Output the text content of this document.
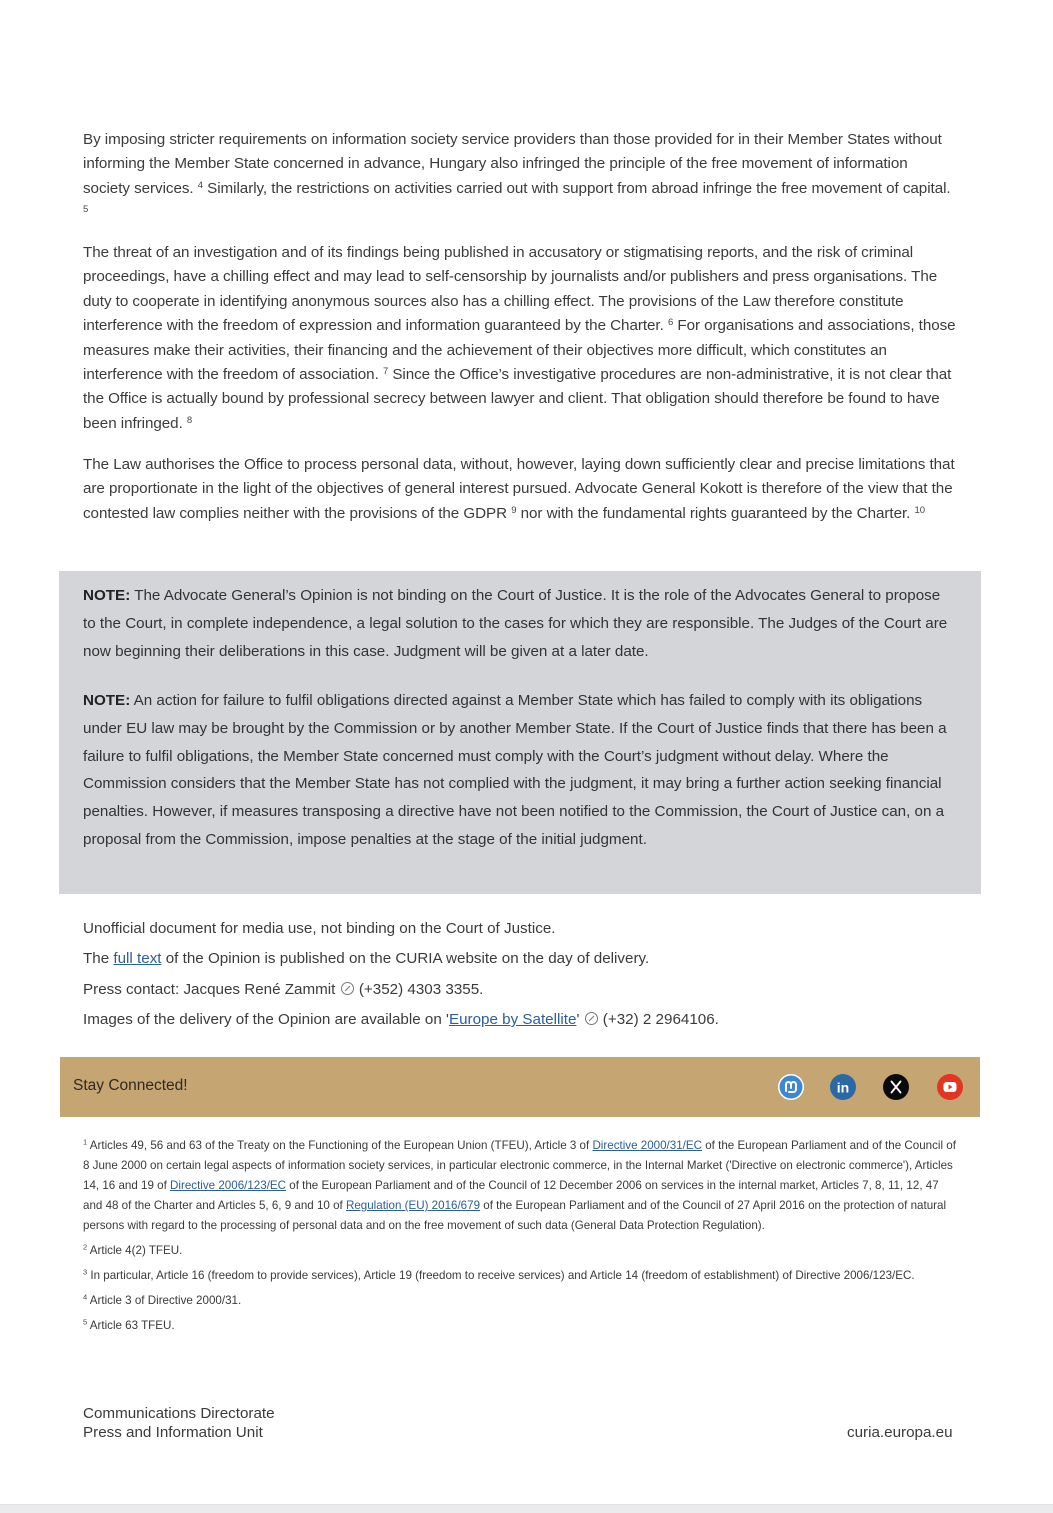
By imposing stricter requirements on information society service providers than those provided for in their Member States without informing the Member State concerned in advance, Hungary also infringed the principle of the free movement of information society services. $^4$ Similarly, the restrictions on activities carried out with support from abroad infringe the free movement of capital. $^5$

The threat of an investigation and of its findings being published in accusatory or stigmatising reports, and the risk of criminal proceedings, have a chilling effect and may lead to self-censorship by journalists and/or publishers and press organisations. The duty to cooperate in identifying anonymous sources also has a chilling effect. The provisions of the Law therefore constitute interference with the freedom of expression and information guaranteed by the Charter. $^6$ For organisations and associations, those measures make their activities, their financing and the achievement of their objectives more difficult, which constitutes an interference with the freedom of association. $^7$ Since the Office’s investigative procedures are non-administrative, it is not clear that the Office is actually bound by professional secrecy between lawyer and client. That obligation should therefore be found to have been infringed. $^8$

The Law authorises the Office to process personal data, without, however, laying down sufficiently clear and precise limitations that are proportionate in the light of the objectives of general interest pursued. Advocate General Kokott is therefore of the view that the contested law complies neither with the provisions of the GDPR $^9$ nor with the fundamental rights guaranteed by the Charter. $^{10}$

NOTE: The Advocate General’s Opinion is not binding on the Court of Justice. It is the role of the Advocates General to propose to the Court, in complete independence, a legal solution to the cases for which they are responsible. The Judges of the Court are now beginning their deliberations in this case. Judgment will be given at a later date.

NOTE: An action for failure to fulfil obligations directed against a Member State which has failed to comply with its obligations under EU law may be brought by the Commission or by another Member State. If the Court of Justice finds that there has been a failure to fulfil obligations, the Member State concerned must comply with the Court’s judgment without delay. Where the Commission considers that the Member State has not complied with the judgment, it may bring a further action seeking financial penalties. However, if measures transposing a directive have not been notified to the Commission, the Court of Justice can, on a proposal from the Commission, impose penalties at the stage of the initial judgment.

Unofficial document for media use, not binding on the Court of Justice.
The full text of the Opinion is published on the CURIA website on the day of delivery.
Press contact: Jacques René Zammit  (+352) 4303 3355.
Images of the delivery of the Opinion are available on 'Europe by Satellite'  (+32) 2 2964106.
Stay Connected!	in

$^1$ Articles 49, 56 and 63 of the Treaty on the Functioning of the European Union (TFEU), Article 3 of Directive 2000/31/EC of the European Parliament and of the Council of 8 June 2000 on certain legal aspects of information society services, in particular electronic commerce, in the Internal Market ('Directive on electronic commerce'), Articles 14, 16 and 19 of Directive 2006/123/EC of the European Parliament and of the Council of 12 December 2006 on services in the internal market, Articles 7, 8, 11, 12, 47 and 48 of the Charter and Articles 5, 6, 9 and 10 of Regulation (EU) 2016/679 of the European Parliament and of the Council of 27 April 2016 on the protection of natural persons with regard to the processing of personal data and on the free movement of such data (General Data Protection Regulation).

$^2$ Article 4(2) TFEU.

$^3$ In particular, Article 16 (freedom to provide services), Article 19 (freedom to receive services) and Article 14 (freedom of establishment) of Directive 2006/123/EC.

$^4$ Article 3 of Directive 2000/31.

$^5$ Article 63 TFEU.

Communications Directorate
Press and Information Unit	curia.europa.eu
